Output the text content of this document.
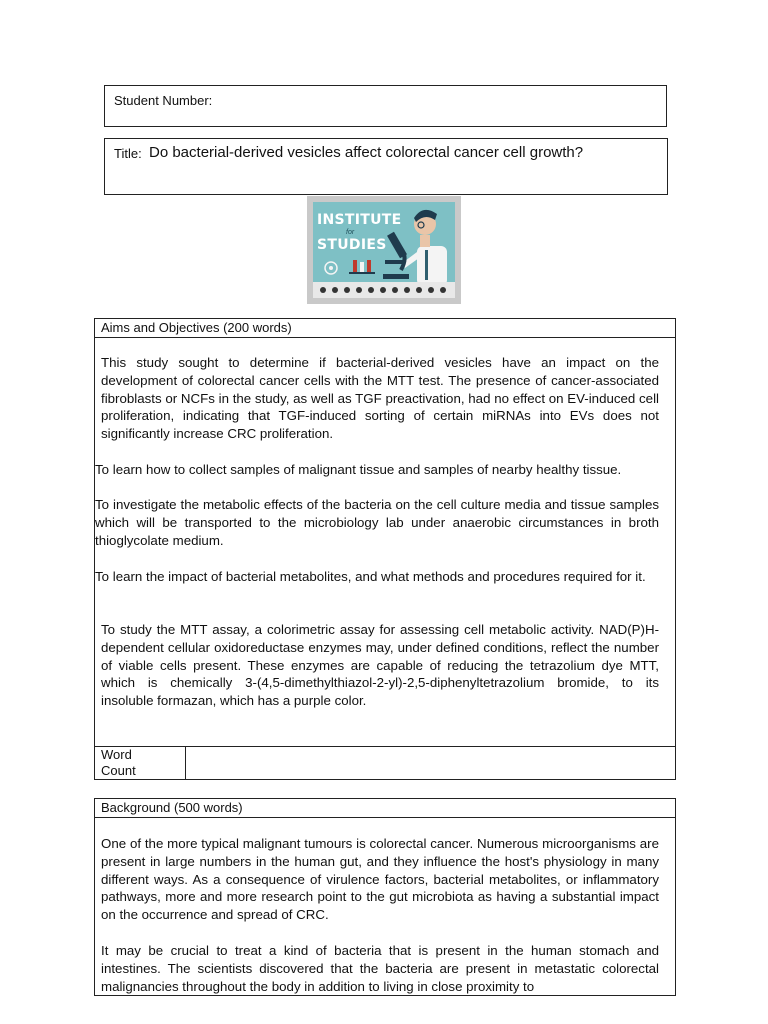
Student Number:
Title: Do bacterial-derived vesicles affect colorectal cancer cell growth?
INSTITUTE
STUDIES
for
Aims and Objectives (200 words)

This study sought to determine if bacterial-derived vesicles have an impact on the development of colorectal cancer cells with the MTT test. The presence of cancer-associated fibroblasts or NCFs in the study, as well as TGF preactivation, had no effect on EV-induced cell proliferation, indicating that TGF-induced sorting of certain miRNAs into EVs does not significantly increase CRC proliferation.

To learn how to collect samples of malignant tissue and samples of nearby healthy tissue.

To investigate the metabolic effects of the bacteria on the cell culture media and tissue samples which will be transported to the microbiology lab under anaerobic circumstances in broth thioglycolate medium.

To learn the impact of bacterial metabolites, and what methods and procedures required for it.

To study the MTT assay, a colorimetric assay for assessing cell metabolic activity. NAD(P)H-dependent cellular oxidoreductase enzymes may, under defined conditions, reflect the number of viable cells present. These enzymes are capable of reducing the tetrazolium dye MTT, which is chemically 3-(4,5-dimethylthiazol-2-yl)-2,5-diphenyltetrazolium bromide, to its insoluble formazan, which has a purple color.

Word Count
Background (500 words)

One of the more typical malignant tumours is colorectal cancer. Numerous microorganisms are present in large numbers in the human gut, and they influence the host's physiology in many different ways. As a consequence of virulence factors, bacterial metabolites, or inflammatory pathways, more and more research point to the gut microbiota as having a substantial impact on the occurrence and spread of CRC.

It may be crucial to treat a kind of bacteria that is present in the human stomach and intestines. The scientists discovered that the bacteria are present in metastatic colorectal malignancies throughout the body in addition to living in close proximity to
